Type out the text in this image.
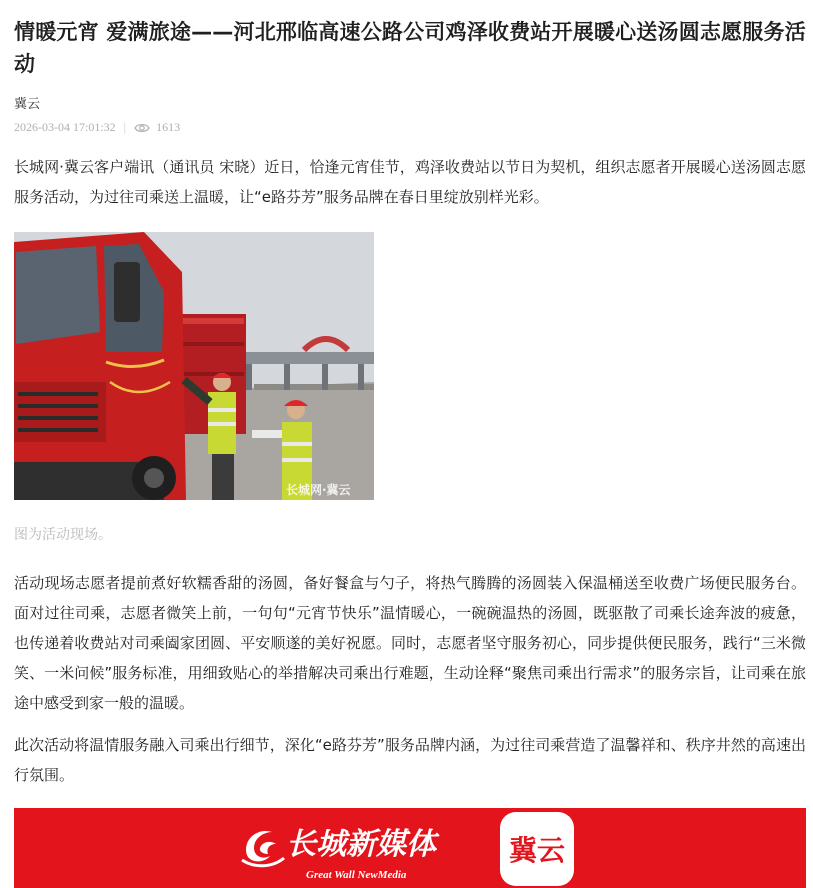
情暖元宵 爱满旅途——河北邢临高速公路公司鸡泽收费站开展暖心送汤圆志愿服务活动
冀云
2026-03-04 17:01:32 |	1613

长城网·冀云客户端讯（通讯员 宋晓）近日，恰逢元宵佳节，鸡泽收费站以节日为契机，组织志愿者开展暖心送汤圆志愿服务活动，为过往司乘送上温暖，让“e路芬芳”服务品牌在春日里绽放别样光彩。

长城网·冀云
图为活动现场。

活动现场志愿者提前煮好软糯香甜的汤圆，备好餐盒与勺子，将热气腾腾的汤圆装入保温桶送至收费广场便民服务台。面对过往司乘，志愿者微笑上前，一句句“元宵节快乐”温情暖心，一碗碗温热的汤圆，既驱散了司乘长途奔波的疲惫，也传递着收费站对司乘阖家团圆、平安顺遂的美好祝愿。同时，志愿者坚守服务初心，同步提供便民服务，践行“三米微笑、一米问候”服务标准，用细致贴心的举措解决司乘出行难题，生动诠释“聚焦司乘出行需求”的服务宗旨，让司乘在旅途中感受到家一般的温暖。

此次活动将温情服务融入司乘出行细节，深化“e路芬芳”服务品牌内涵，为过往司乘营造了温馨祥和、秩序井然的高速出行氛围。

长城新媒体
Great Wall NewMedia
冀云
